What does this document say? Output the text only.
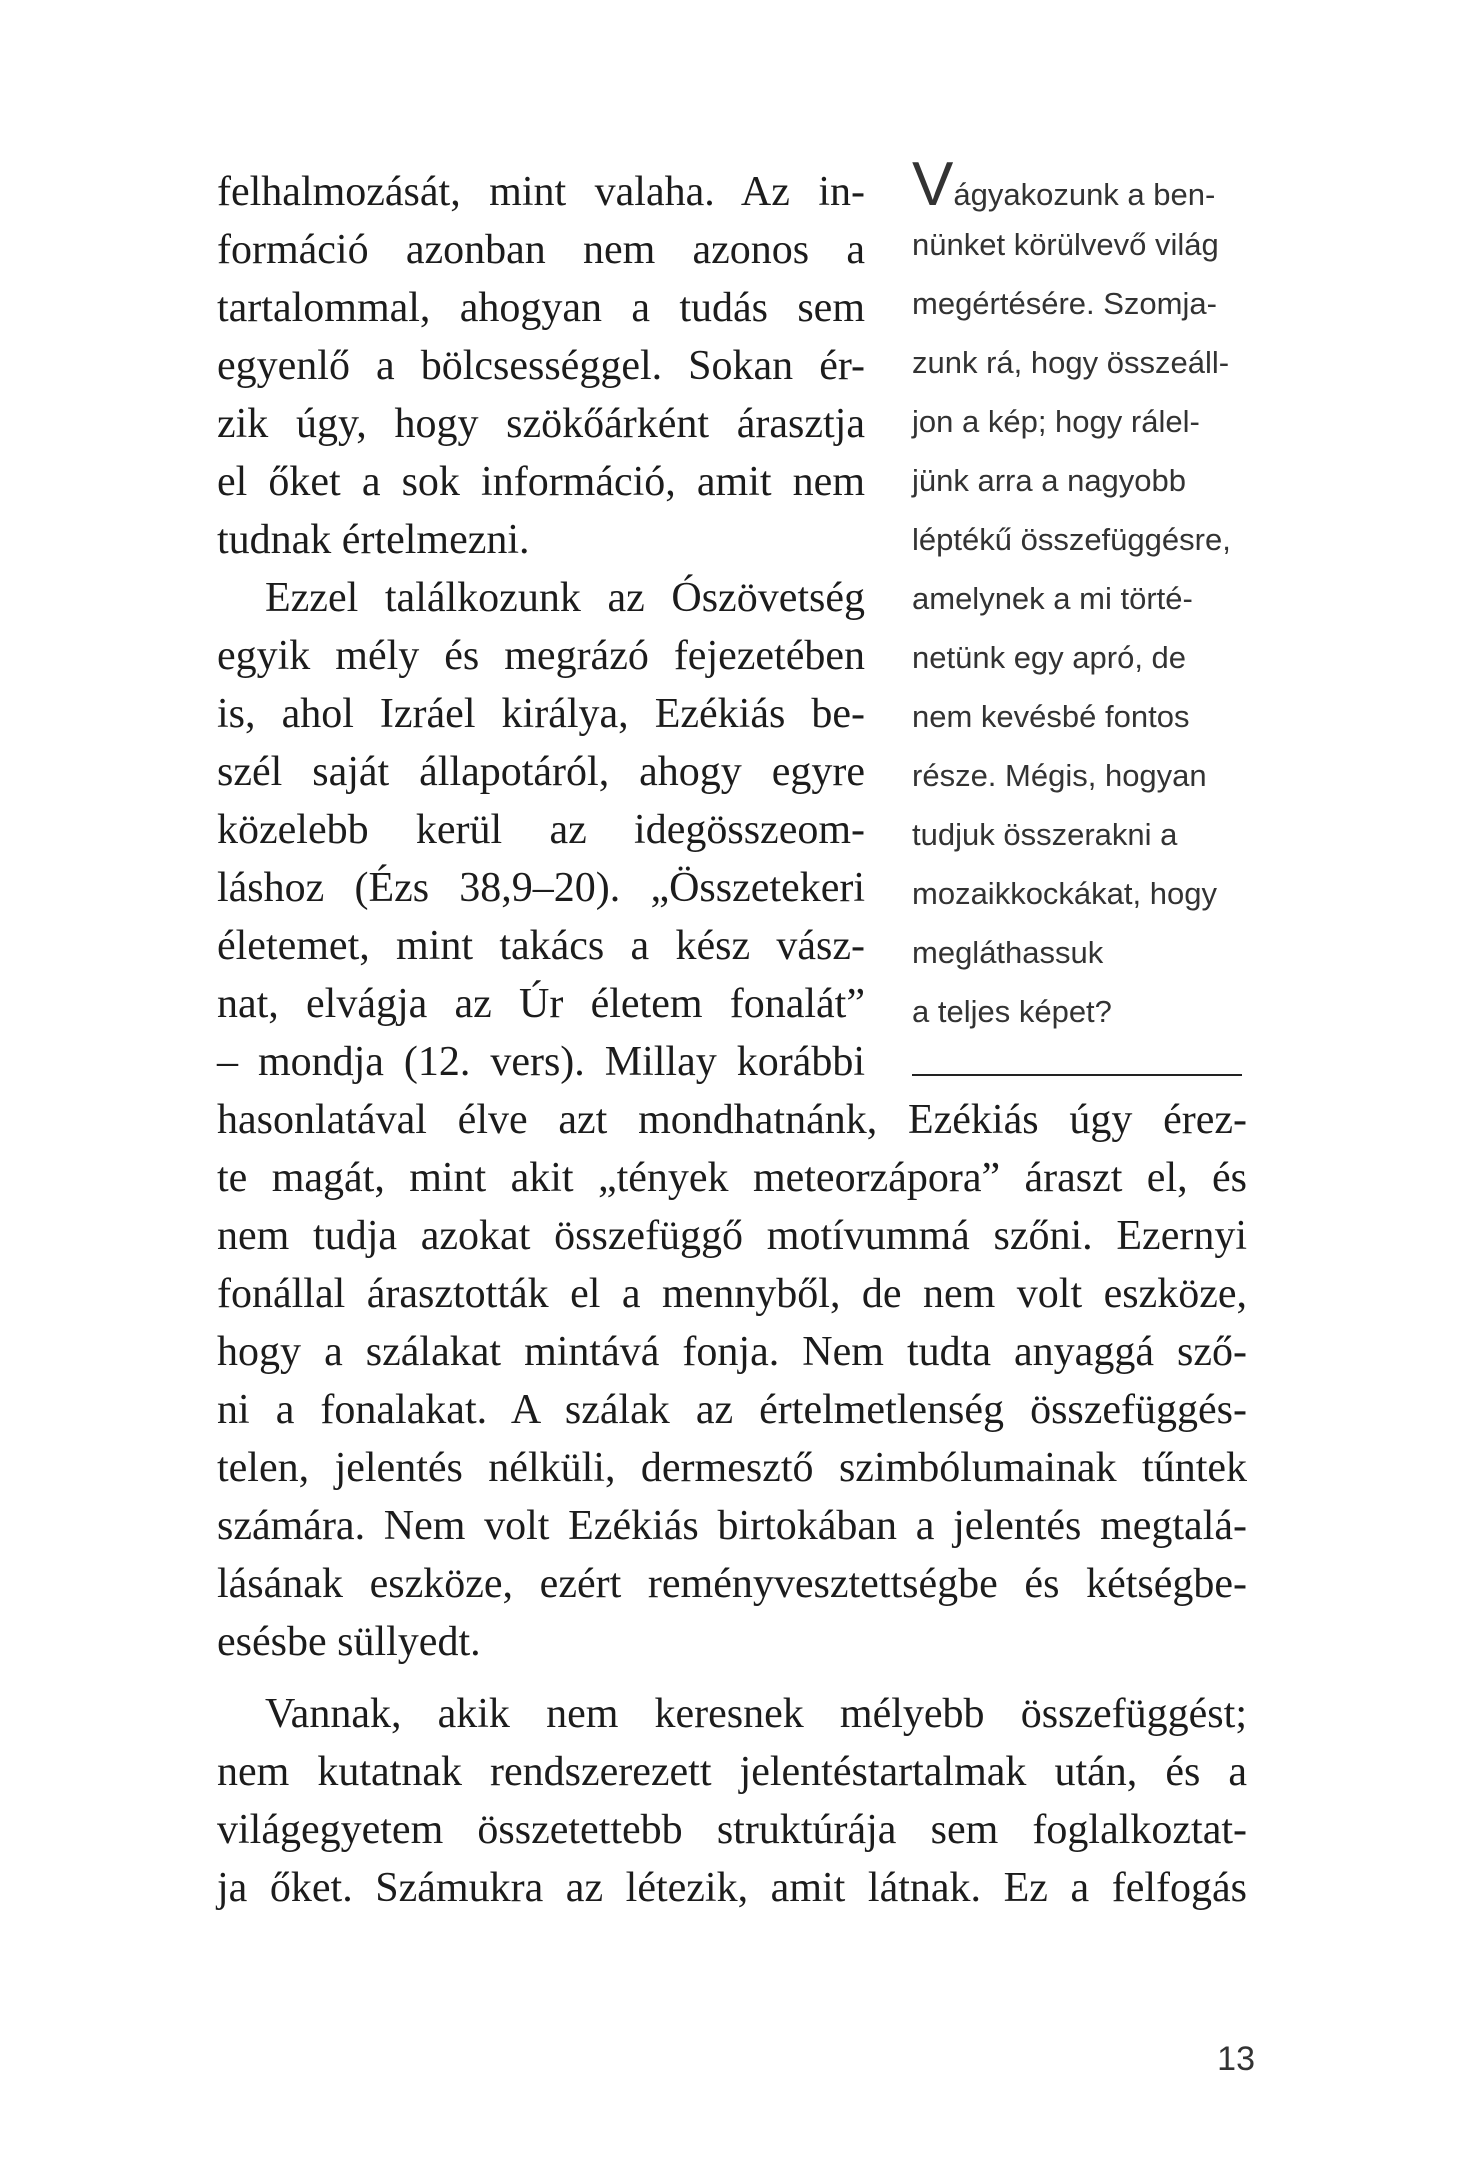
felhalmozását, mint valaha. Az in-

formáció azonban nem azonos a

tartalommal, ahogyan a tudás sem

egyenlő a bölcsességgel. Sokan ér-

zik úgy, hogy szökőárként árasztja

el őket a sok információ, amit nem

tudnak értelmezni.

Ezzel találkozunk az Ószövetség

egyik mély és megrázó fejezetében

is, ahol Izráel királya, Ezékiás be-

szél saját állapotáról, ahogy egyre

közelebb kerül az idegösszeom-

láshoz (Ézs 38,9–20). „Összetekeri

életemet, mint takács a kész vász-

nat, elvágja az Úr életem fonalát”

– mondja (12. vers). Millay korábbi

hasonlatával élve azt mondhatnánk, Ezékiás úgy érez-

te magát, mint akit „tények meteorzápora” áraszt el, és

nem tudja azokat összefüggő motívummá szőni. Ezernyi

fonállal árasztották el a mennyből, de nem volt eszköze,

hogy a szálakat mintává fonja. Nem tudta anyaggá sző-

ni a fonalakat. A szálak az értelmetlenség összefüggés-

telen, jelentés nélküli, dermesztő szimbólumainak tűntek

számára. Nem volt Ezékiás birtokában a jelentés megtalá-

lásának eszköze, ezért reményvesztettségbe és kétségbe-

esésbe süllyedt.

Vannak, akik nem keresnek mélyebb összefüggést;

nem kutatnak rendszerezett jelentéstartalmak után, és a

világegyetem összetettebb struktúrája sem foglalkoztat-

ja őket. Számukra az létezik, amit látnak. Ez a felfogás

Vágyakozunk a ben-

nünket körülvevő világ

megértésére. Szomja-

zunk rá, hogy összeáll-

jon a kép; hogy rálel-

jünk arra a nagyobb

léptékű összefüggésre,

amelynek a mi törté-

netünk egy apró, de

nem kevésbé fontos

része. Mégis, hogyan

tudjuk összerakni a

mozaikkockákat, hogy

megláthassuk

a teljes képet?

13
